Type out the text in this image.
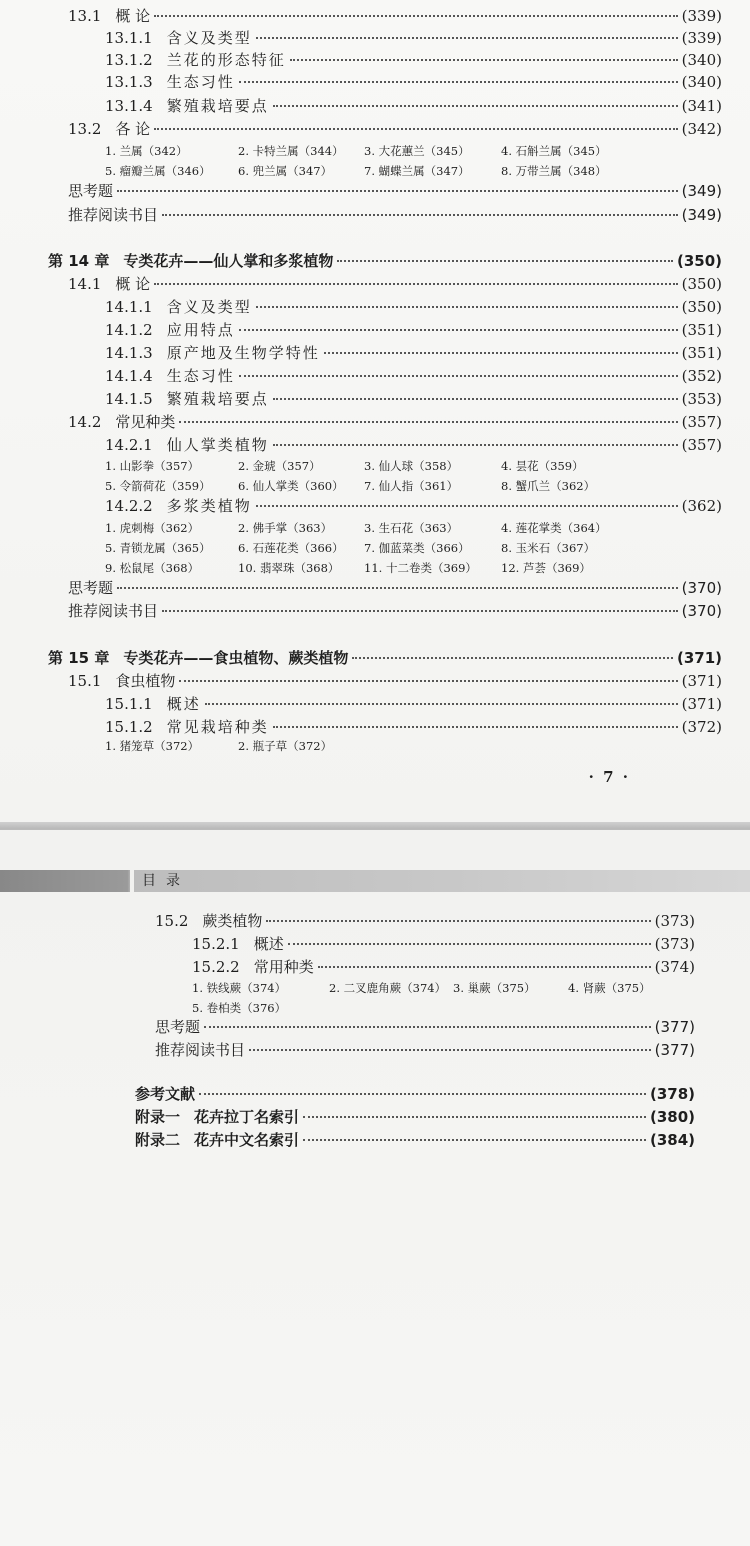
13.1 概 论	(339)
13.1.1 含义及类型	(339)
13.1.2 兰花的形态特征	(340)
13.1.3 生态习性	(340)
13.1.4 繁殖栽培要点	(341)
13.2 各 论	(342)
1. 兰属（342）	2. 卡特兰属（344）	3. 大花蕙兰（345）	4. 石斛兰属（345）
5. 瘤瓣兰属（346）	6. 兜兰属（347）	7. 蝴蝶兰属（347）	8. 万带兰属（348）
思考题	(349)
推荐阅读书目	(349)
第 14 章 专类花卉——仙人掌和多浆植物	(350)
14.1 概 论	(350)
14.1.1 含义及类型	(350)
14.1.2 应用特点	(351)
14.1.3 原产地及生物学特性	(351)
14.1.4 生态习性	(352)
14.1.5 繁殖栽培要点	(353)
14.2 常见种类	(357)
14.2.1 仙人掌类植物	(357)
1. 山影拳（357）	2. 金琥（357）	3. 仙人球（358）	4. 昙花（359）
5. 令箭荷花（359）	6. 仙人掌类（360）	7. 仙人指（361）	8. 蟹爪兰（362）
14.2.2 多浆类植物	(362)
1. 虎刺梅（362）	2. 佛手掌（363）	3. 生石花（363）	4. 莲花掌类（364）
5. 青锁龙属（365）	6. 石莲花类（366）	7. 伽蓝菜类（366）	8. 玉米石（367）
9. 松鼠尾（368）	10. 翡翠珠（368）	11. 十二卷类（369）	12. 芦荟（369）
思考题	(370)
推荐阅读书目	(370)
第 15 章 专类花卉——食虫植物、蕨类植物	(371)
15.1 食虫植物	(371)
15.1.1 概述	(371)
15.1.2 常见栽培种类	(372)
1. 猪笼草（372）	2. 瓶子草（372）
· 7 ·
目录
15.2 蕨类植物	(373)
15.2.1 概述	(373)
15.2.2 常用种类	(374)
1. 铁线蕨（374）	2. 二叉鹿角蕨（374） 3. 巢蕨（375）	4. 肾蕨（375）
5. 卷柏类（376）
思考题	(377)
推荐阅读书目	(377)
参考文献	(378)
附录一 花卉拉丁名索引	(380)
附录二 花卉中文名索引	(384)
